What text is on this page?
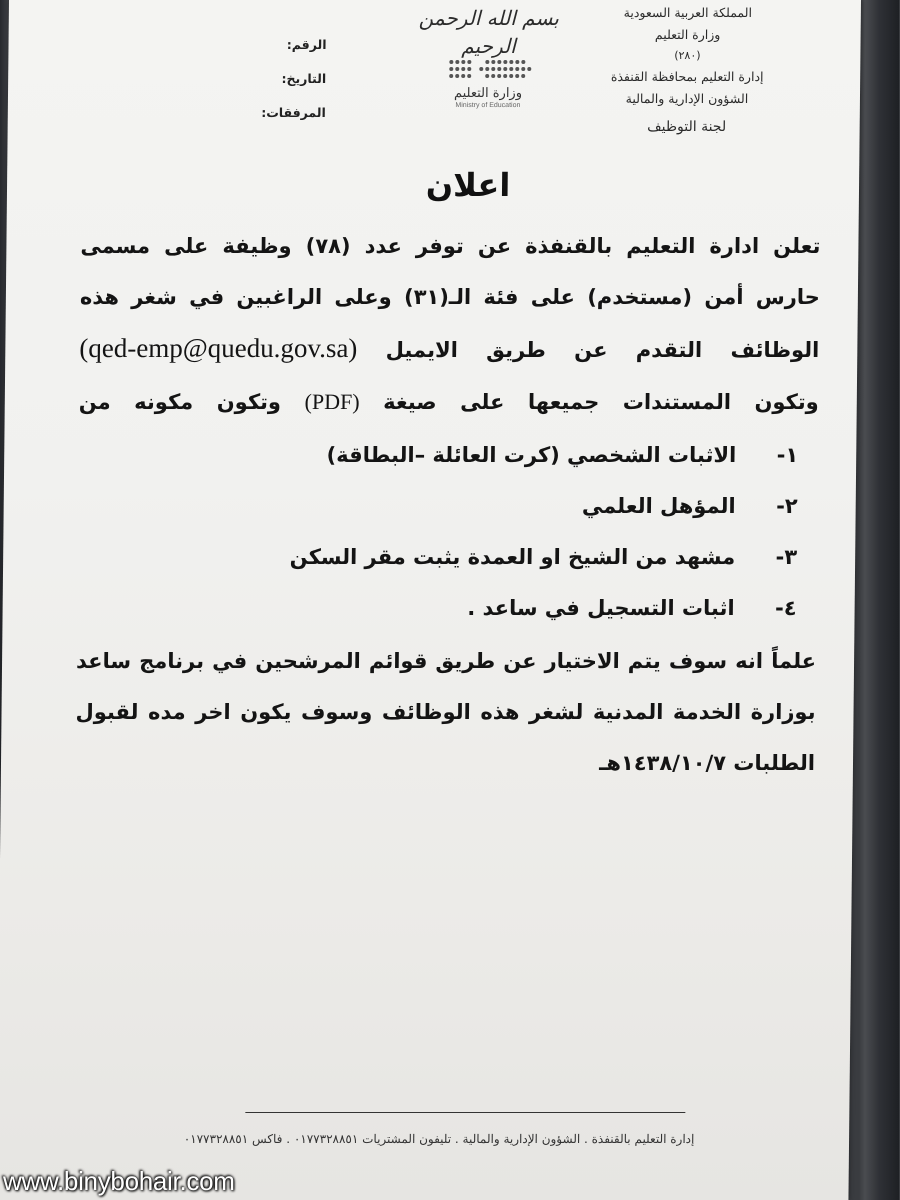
المملكة العربية السعودية
وزارة التعليم
(٢٨٠)
إدارة التعليم بمحافظة القنفذة
الشؤون الإدارية والمالية
لجنة التوظيف
بسم الله الرحمن الرحيم
وزارة التعليم
Ministry of Education
الرقم:
التاريخ:
المرفقات:
اعلان

تعلن ادارة التعليم بالقنفذة عن توفر عدد (٧٨) وظيفة على مسمى

حارس أمن (مستخدم) على فئة الـ(٣١) وعلى الراغبين في شغر هذه

الوظائف التقدم عن طريق الايميل (qed-emp@quedu.gov.sa)

وتكون المستندات جميعها على صيغة (PDF) وتكون مكونه من

١-الاثبات الشخصي (كرت العائلة –البطاقة)
٢-المؤهل العلمي
٣-مشهد من الشيخ او العمدة يثبت مقر السكن
٤-اثبات التسجيل في ساعد .

علماً انه سوف يتم الاختيار عن طريق قوائم المرشحين في برنامج ساعد

بوزارة الخدمة المدنية لشغر هذه الوظائف وسوف يكون اخر مده لقبول

الطلبات ١٤٣٨/١٠/٧هـ

إدارة التعليم بالقنفذة . الشؤون الإدارية والمالية . تليفون المشتريات ٠١٧٧٣٢٨٨٥١ . فاكس ٠١٧٧٣٢٨٨٥١
www.binybohair.com
